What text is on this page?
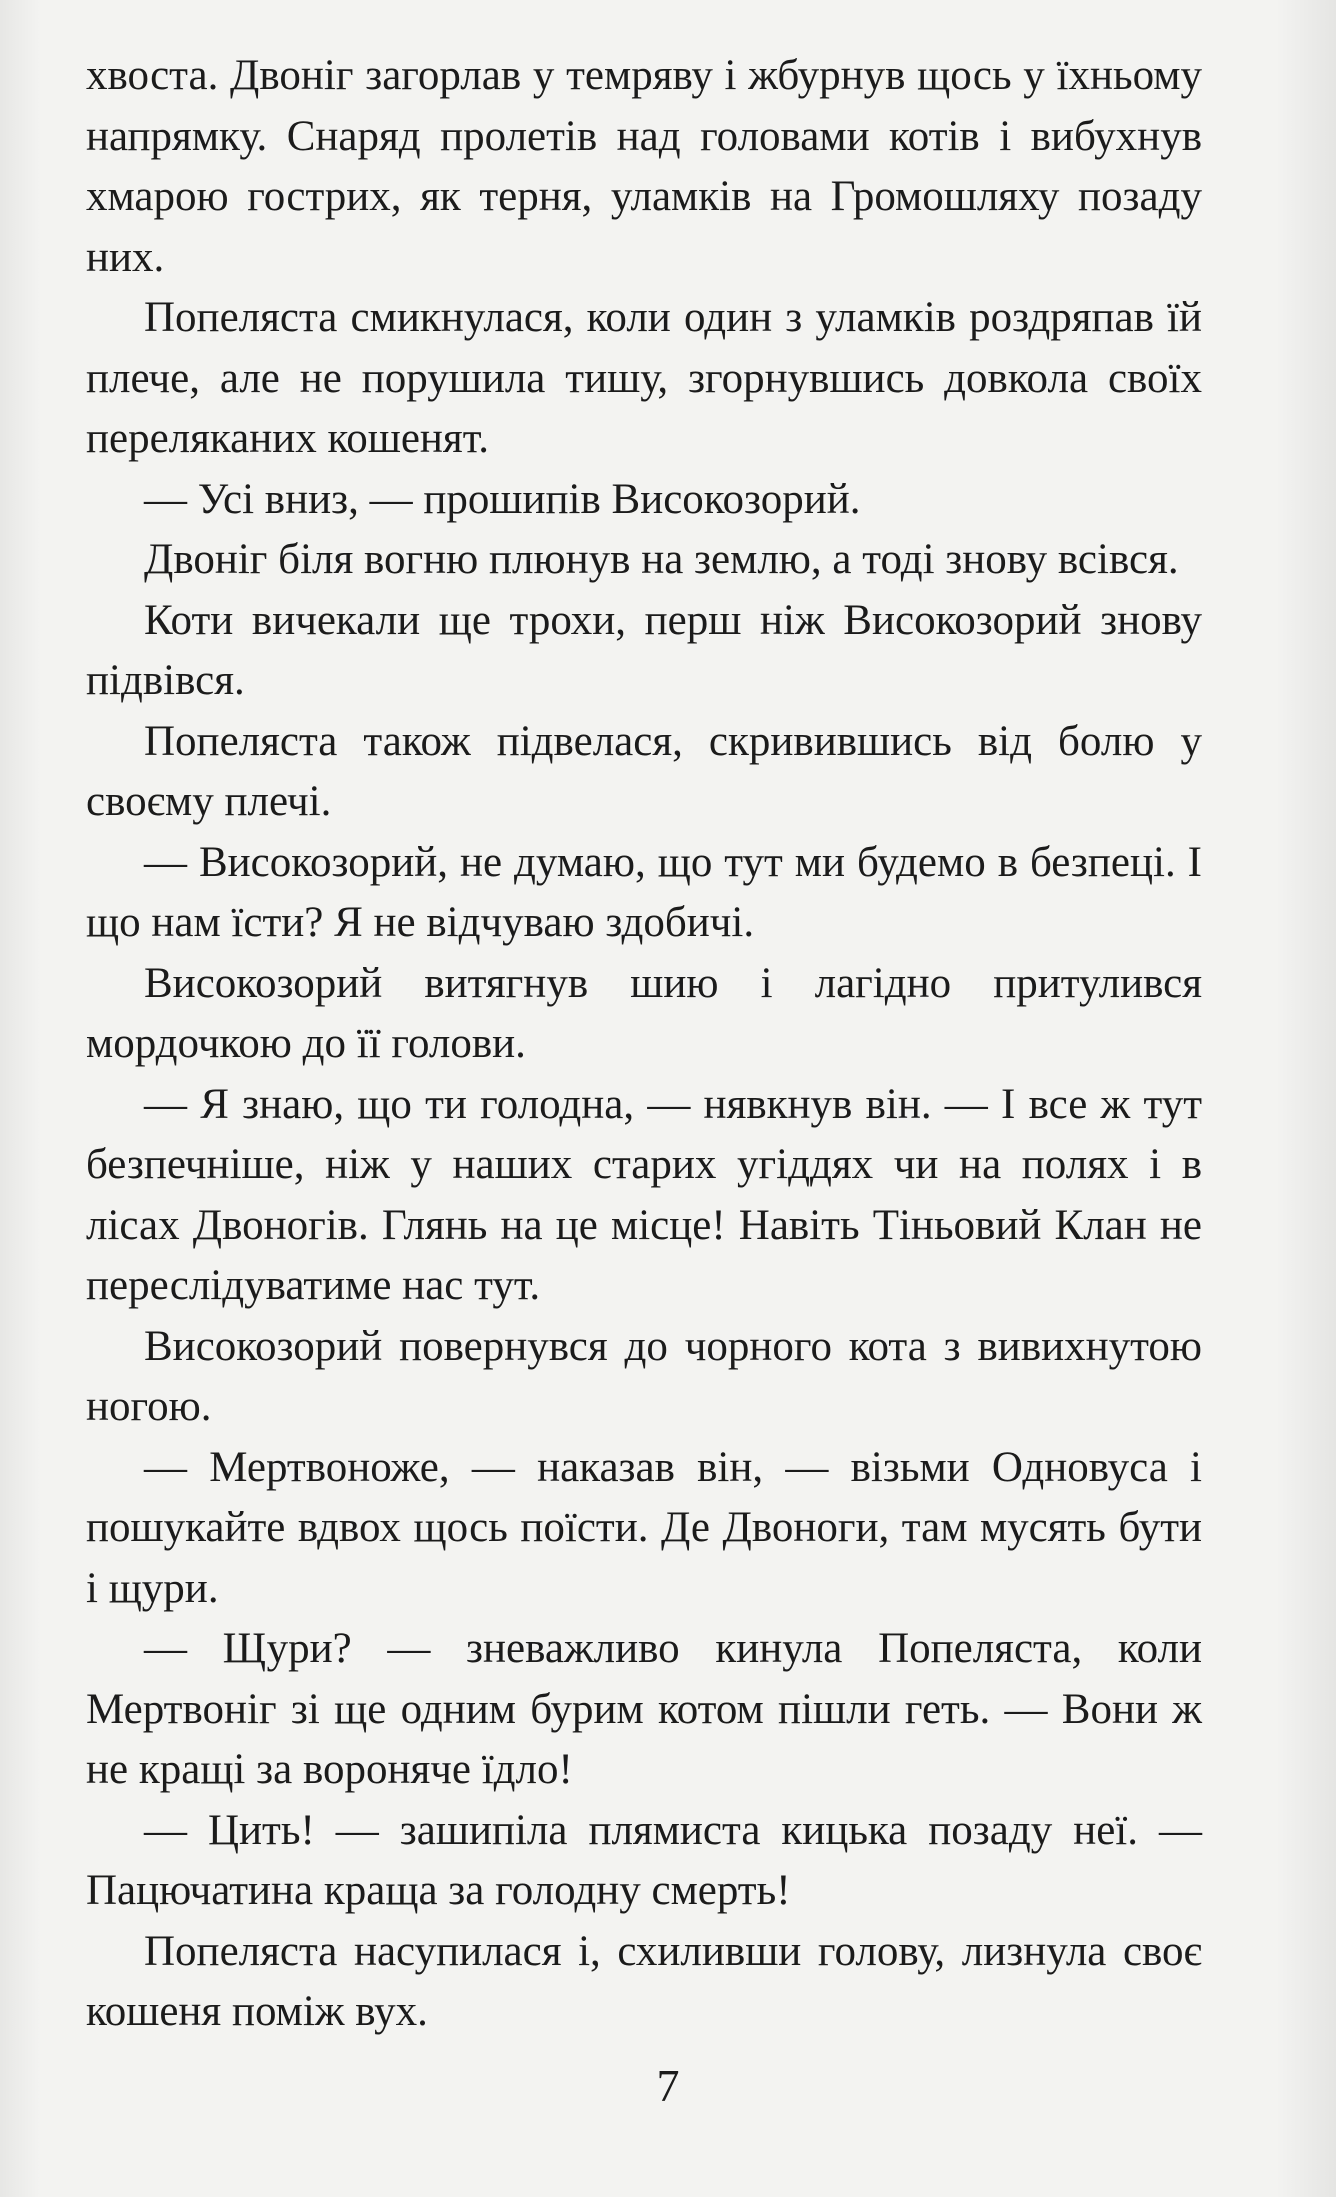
хвоста. Двоніг загорлав у темряву і жбурнув щось у їхньому напрямку. Снаряд пролетів над головами котів і вибухнув хмарою гострих, як терня, уламків на Громошляху позаду них.

Попеляста смикнулася, коли один з уламків роздряпав їй плече, але не порушила тишу, згорнувшись довкола своїх переляканих кошенят.

— Усі вниз, — прошипів Високозорий.

Двоніг біля вогню плюнув на землю, а тоді знову всівся.

Коти вичекали ще трохи, перш ніж Високозорий знову підвівся.

Попеляста також підвелася, скривившись від болю у своєму плечі.

— Високозорий, не думаю, що тут ми будемо в безпеці. І що нам їсти? Я не відчуваю здобичі.

Високозорий витягнув шию і лагідно притулився мордочкою до її голови.

— Я знаю, що ти голодна, — нявкнув він. — І все ж тут безпечніше, ніж у наших старих угіддях чи на полях і в лісах Двоногів. Глянь на це місце! Навіть Тіньовий Клан не переслідуватиме нас тут.

Високозорий повернувся до чорного кота з вивихнутою ногою.

— Мертвоноже, — наказав він, — візьми Одновуса і пошукайте вдвох щось поїсти. Де Двоноги, там мусять бути і щури.

— Щури? — зневажливо кинула Попеляста, коли Мертвоніг зі ще одним бурим котом пішли геть. — Вони ж не кращі за вороняче їдло!

— Цить! — зашипіла плямиста кицька позаду неї. — Пацючатина краща за голодну смерть!

Попеляста насупилася і, схиливши голову, лизнула своє кошеня поміж вух.

7
